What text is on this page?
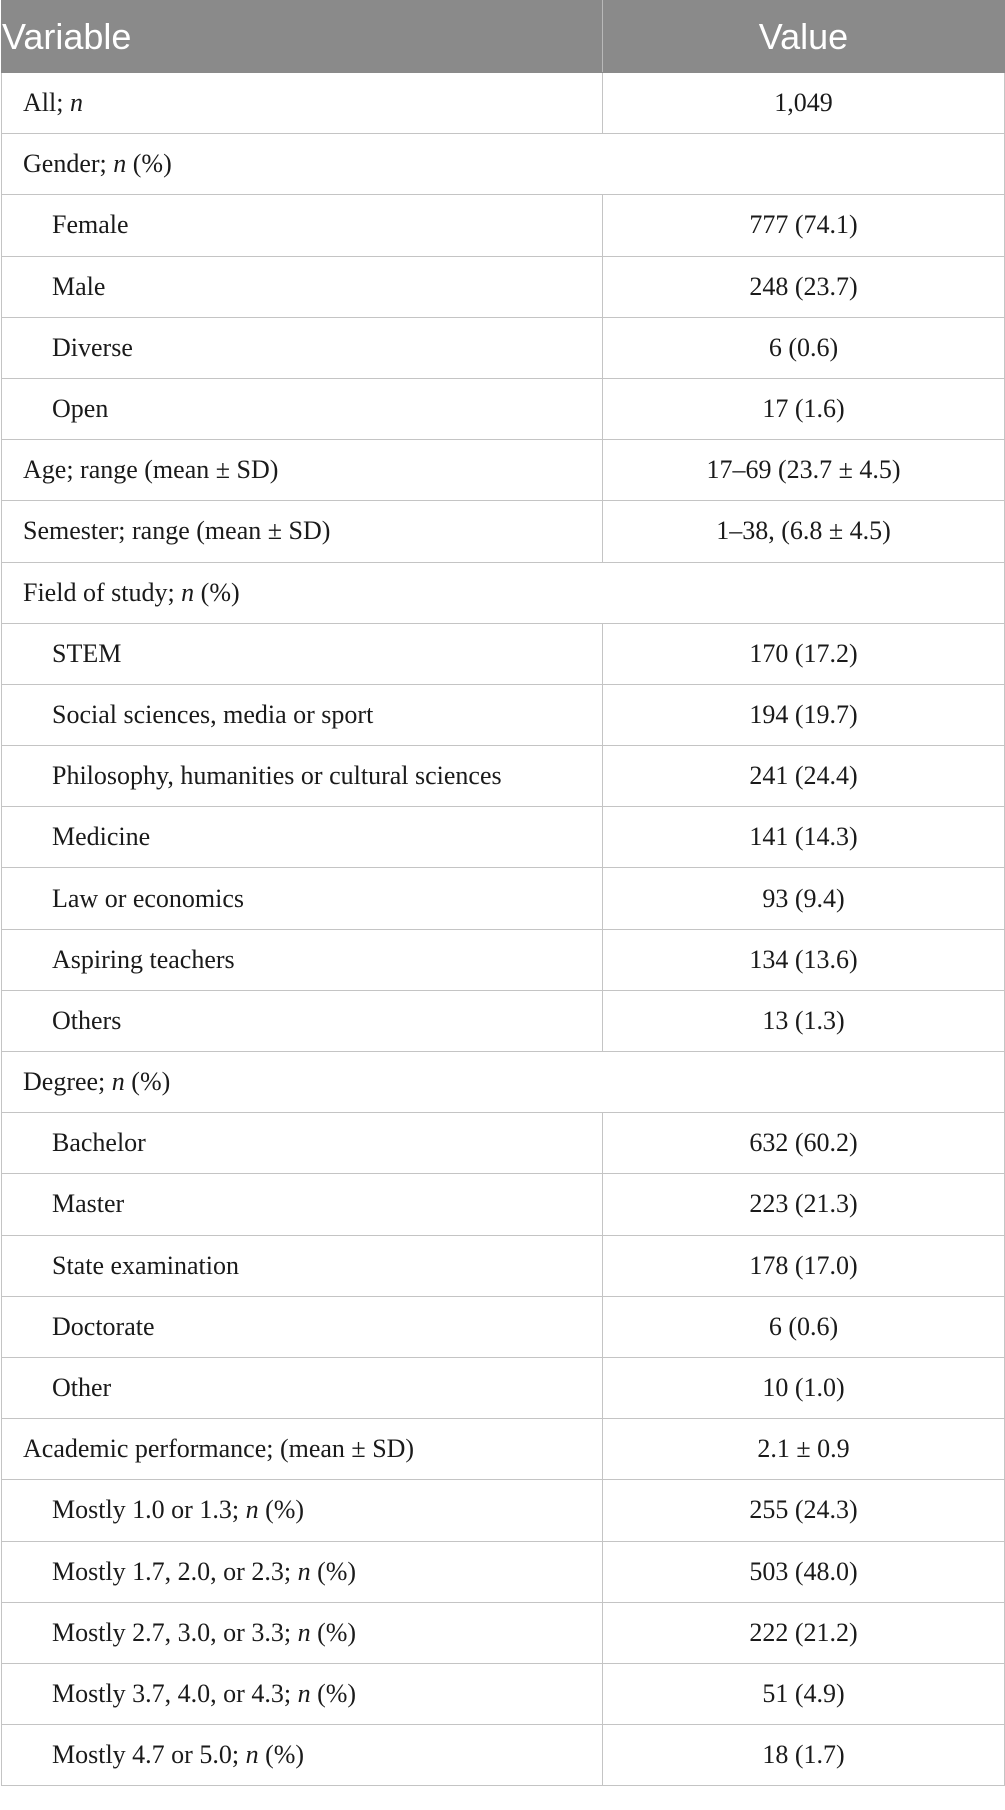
Variable	Value
All; n	1,049
Gender; n (%)	
Female	777 (74.1)
Male	248 (23.7)
Diverse	6 (0.6)
Open	17 (1.6)
Age; range (mean ± SD)	17–69 (23.7 ± 4.5)
Semester; range (mean ± SD)	1–38, (6.8 ± 4.5)
Field of study; n (%)	
STEM	170 (17.2)
Social sciences, media or sport	194 (19.7)
Philosophy, humanities or cultural sciences	241 (24.4)
Medicine	141 (14.3)
Law or economics	93 (9.4)
Aspiring teachers	134 (13.6)
Others	13 (1.3)
Degree; n (%)	
Bachelor	632 (60.2)
Master	223 (21.3)
State examination	178 (17.0)
Doctorate	6 (0.6)
Other	10 (1.0)
Academic performance; (mean ± SD)	2.1 ± 0.9
Mostly 1.0 or 1.3; n (%)	255 (24.3)
Mostly 1.7, 2.0, or 2.3; n (%)	503 (48.0)
Mostly 2.7, 3.0, or 3.3; n (%)	222 (21.2)
Mostly 3.7, 4.0, or 4.3; n (%)	51 (4.9)
Mostly 4.7 or 5.0; n (%)	18 (1.7)
